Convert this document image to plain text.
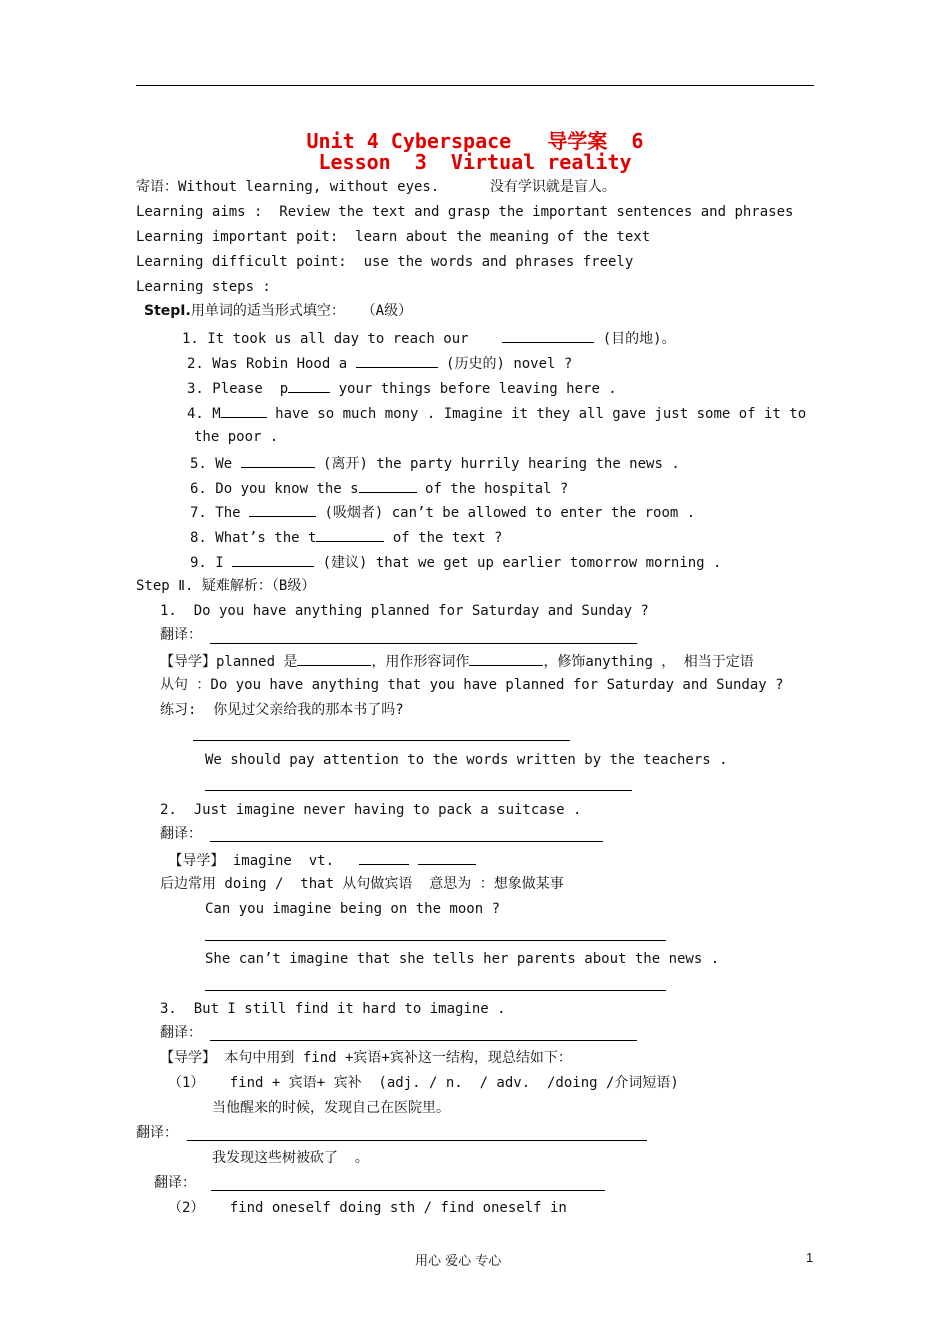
Unit 4 Cyberspace   导学案  6
Lesson  3  Virtual reality
寄语：Without learning, without eyes.      没有学识就是盲人。
Learning aims :  Review the text and grasp the important sentences and phrases
Learning important poit:  learn about the meaning of the text
Learning difficult point:  use the words and phrases freely
Learning steps :
StepⅠ.用单词的适当形式填空：  （A级）
1. It took us all day to reach our	(目的地)。
2. Was Robin Hood a	(历史的) novel ?
3. Please  p	your things before leaving here .
4. M	have so much mony . Imagine it they all gave just some of it to
the poor .
5. We	(离开) the party hurrily hearing the news .
6. Do you know the s	of the hospital ?
7. The	(吸烟者) can’t be allowed to enter the room .
8. What’s the t	of the text ?
9. I	(建议) that we get up earlier tomorrow morning .
Step Ⅱ. 疑难解析：（B级）
1.  Do you have anything planned for Saturday and Sunday ?
翻译：
【导学】planned 是	，用作形容词作	，修饰anything ， 相当于定语
从句 ：Do you have anything that you have planned for Saturday and Sunday ?
练习:  你见过父亲给我的那本书了吗?
We should pay attention to the words written by the teachers .
2.  Just imagine never having to pack a suitcase .
翻译：
【导学】 imagine  vt.
后边常用 doing /  that 从句做宾语  意思为 ：想象做某事
Can you imagine being on the moon ?
She can’t imagine that she tells her parents about the news .
3.  But I still find it hard to imagine .
翻译：
【导学】 本句中用到 find +宾语+宾补这一结构，现总结如下：
（1）   find + 宾语+ 宾补  (adj. / n.  / adv.  /doing /介词短语)
当他醒来的时候，发现自己在医院里。
翻译：
我发现这些树被砍了  。
翻译：
（2）   find oneself doing sth / find oneself in
用心 爱心 专心	1
